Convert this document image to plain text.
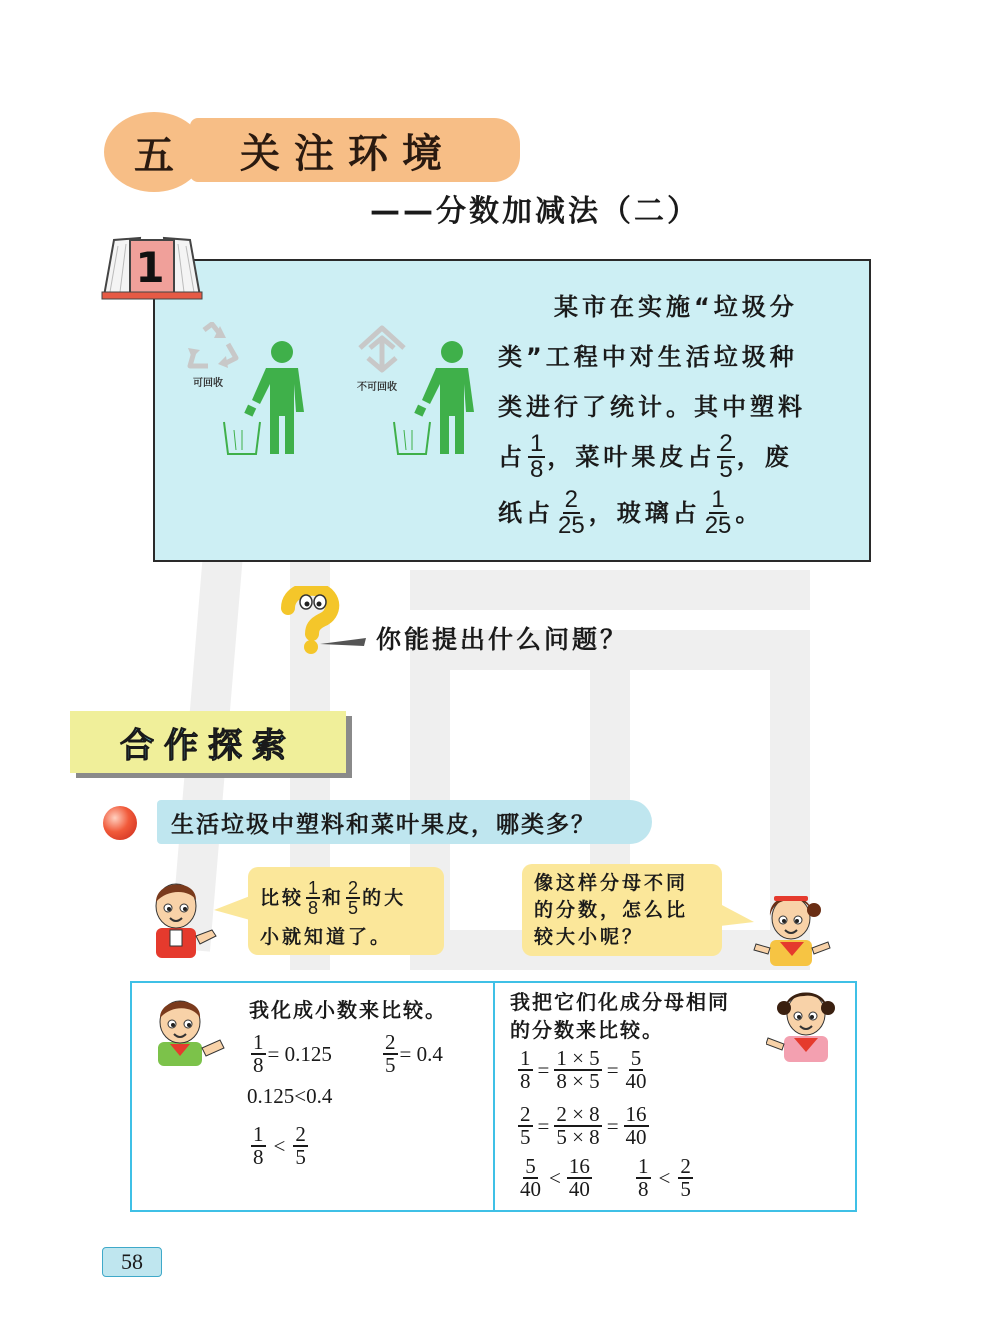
关注环境
五
——分数加减法（二）
1
可回收	不可回收
某市在实施“垃圾分
类”工程中对生活垃圾种
类进行了统计。其中塑料
占 $\frac{1}{8}$ ，菜叶果皮占 $\frac{2}{5}$ ，废
纸占 $\frac{2}{25}$ ，玻璃占 $\frac{1}{25}$ 。
你能提出什么问题？
合作探索
生活垃圾中塑料和菜叶果皮，哪类多？
比较 $\frac{1}{8}$ 和 $\frac{2}{5}$ 的大
小就知道了。
像这样分母不同
的分数，怎么比
较大小呢？
我化成小数来比较。
$\frac{1}{8} = 0.125 \frac{2}{5} = 0.4$
0.125<0.4
$\frac{1}{8} < \frac{2}{5}$
我把它们化成分母相同
的分数来比较。
$\frac{1}{8} = \frac{1 \times 5}{8 \times 5} = \frac{5}{40}$
$\frac{2}{5} = \frac{2 \times 8}{5 \times 8} = \frac{16}{40}$
$\frac{5}{40} < \frac{16}{40} \frac{1}{8} < \frac{2}{5}$
58
